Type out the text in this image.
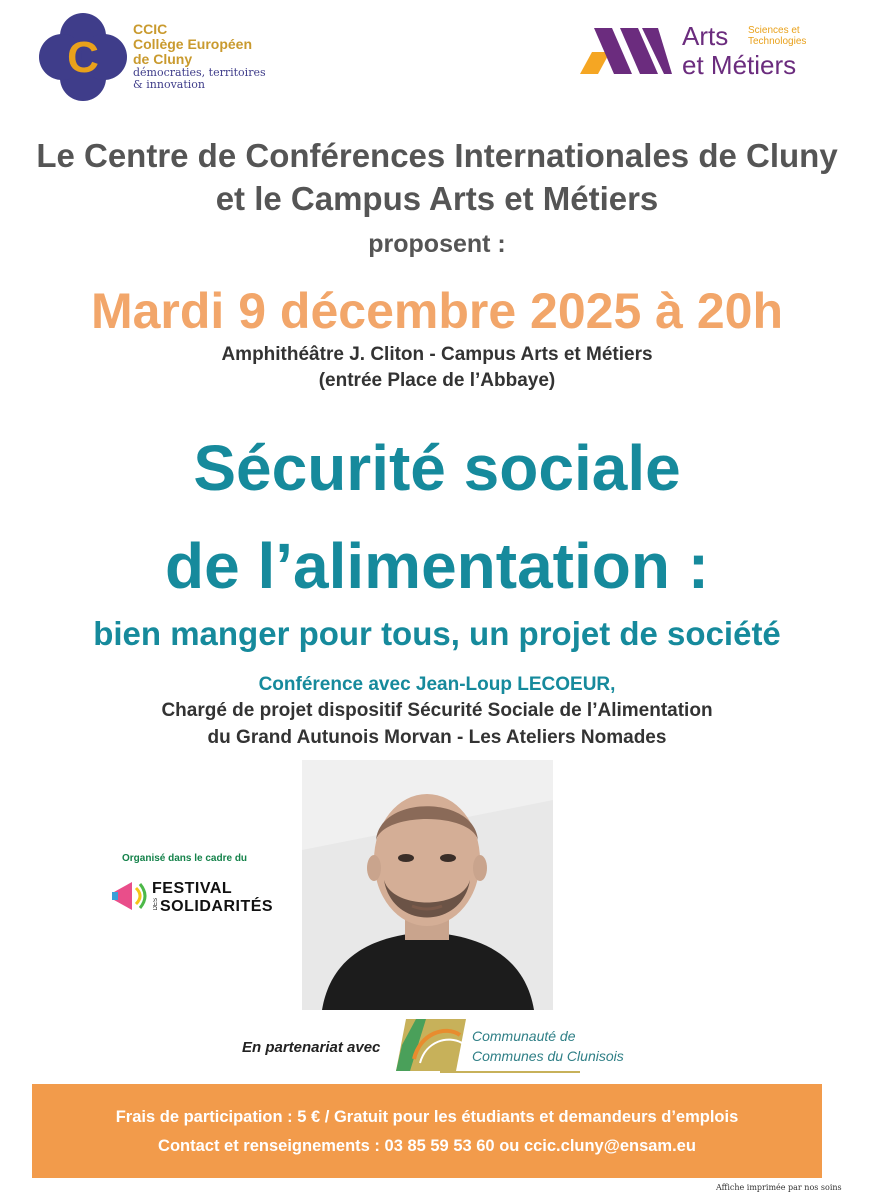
C
CCIC
Collège Européen
de Cluny
démocraties, territoires
& innovation
Arts Sciences et
Technologies
et Métiers
Le Centre de Conférences Internationales de Cluny
et le Campus Arts et Métiers
proposent :
Mardi 9 décembre 2025 à 20h
Amphithéâtre J. Cliton - Campus Arts et Métiers
(entrée Place de l’Abbaye)
Sécurité sociale
de l’alimentation :
bien manger pour tous, un projet de société
Conférence avec Jean-Loup LECOEUR,
Chargé de projet dispositif Sécurité Sociale de l’Alimentation
du Grand Autunois Morvan - Les Ateliers Nomades
Organisé dans le cadre du
FESTIVAL
DES SOLIDARITÉS
En partenariat avec
Communauté de
Communes du Clunisois
Frais de participation : 5 € / Gratuit pour les étudiants et demandeurs d’emplois
Contact et renseignements : 03 85 59 53 60 ou ccic.cluny@ensam.eu
Affiche imprimée par nos soins
